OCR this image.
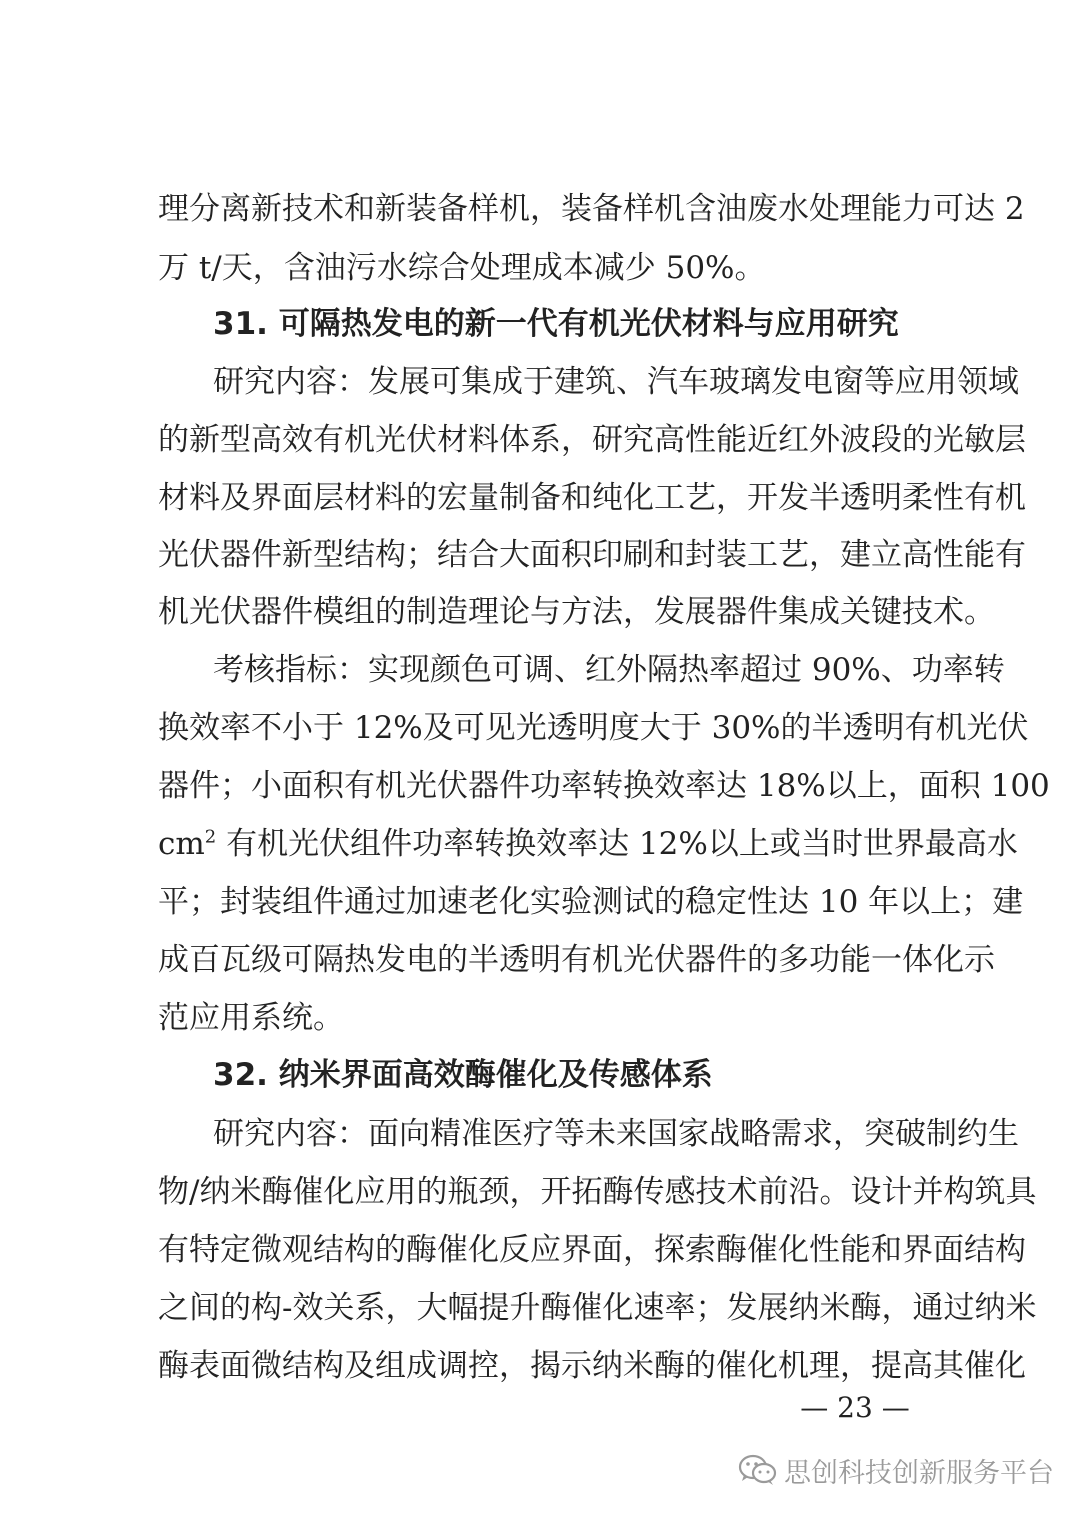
理分离新技术和新装备样机，装备样机含油废水处理能力可达 2
万 t/天，含油污水综合处理成本减少 50%。
31. 可隔热发电的新一代有机光伏材料与应用研究
研究内容：发展可集成于建筑、汽车玻璃发电窗等应用领域
的新型高效有机光伏材料体系，研究高性能近红外波段的光敏层
材料及界面层材料的宏量制备和纯化工艺，开发半透明柔性有机
光伏器件新型结构；结合大面积印刷和封装工艺，建立高性能有
机光伏器件模组的制造理论与方法，发展器件集成关键技术。
考核指标：实现颜色可调、红外隔热率超过 90%、功率转
换效率不小于 12%及可见光透明度大于 30%的半透明有机光伏
器件；小面积有机光伏器件功率转换效率达 18%以上，面积 100
$cm^2$ 有机光伏组件功率转换效率达 12%以上或当时世界最高水
平；封装组件通过加速老化实验测试的稳定性达 10 年以上；建
成百瓦级可隔热发电的半透明有机光伏器件的多功能一体化示
范应用系统。
32. 纳米界面高效酶催化及传感体系
研究内容：面向精准医疗等未来国家战略需求，突破制约生
物/纳米酶催化应用的瓶颈，开拓酶传感技术前沿。设计并构筑具
有特定微观结构的酶催化反应界面，探索酶催化性能和界面结构
之间的构-效关系，大幅提升酶催化速率；发展纳米酶，通过纳米
酶表面微结构及组成调控，揭示纳米酶的催化机理，提高其催化
— 23 —
思创科技创新服务平台
